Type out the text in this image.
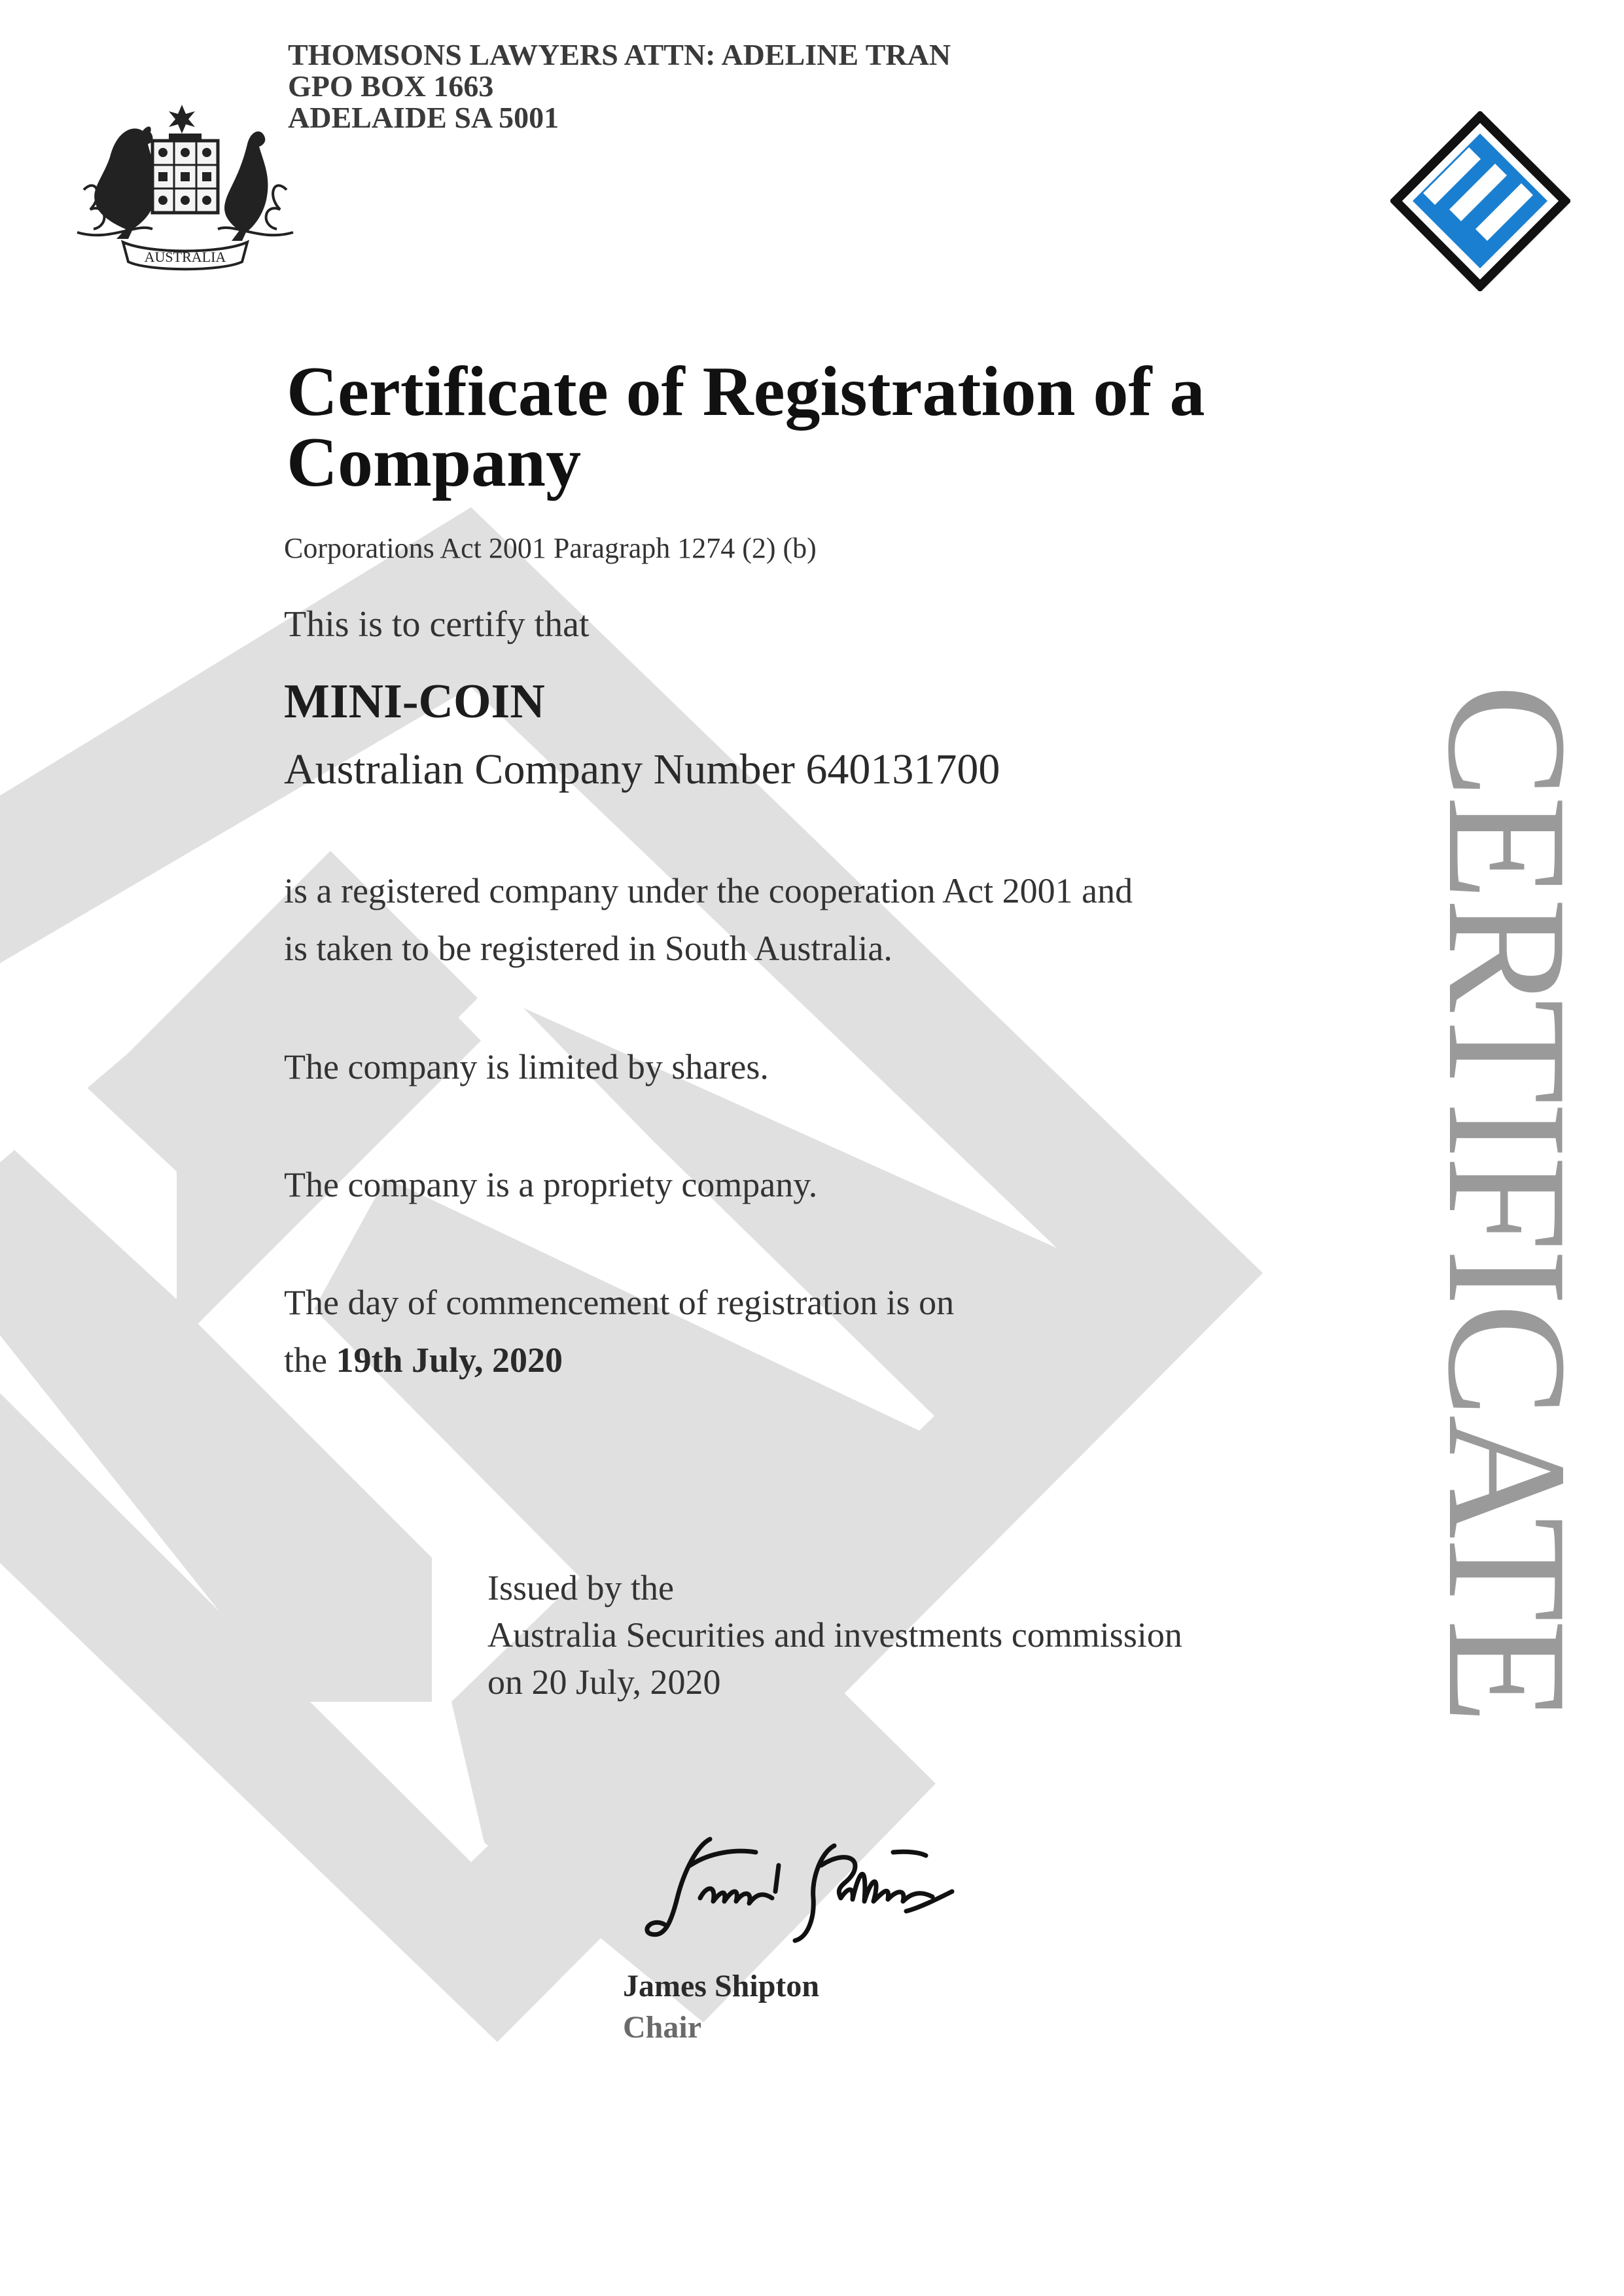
THOMSONS LAWYERS ATTN: ADELINE TRAN
GPO BOX 1663
ADELAIDE SA 5001
AUSTRALIA
Certificate of Registration of a Company
Corporations Act 2001 Paragraph 1274 (2) (b)
This is to certify that
MINI-COIN
Australian Company Number 640131700
is a registered company under the cooperation Act 2001 and
is taken to be registered in South Australia.
The company is limited by shares.
The company is a propriety company.
The day of commencement of registration is on
the 19th July, 2020
Issued by the
Australia Securities and investments commission
on 20 July, 2020
James Shipton
Chair
CERTIFICATE
